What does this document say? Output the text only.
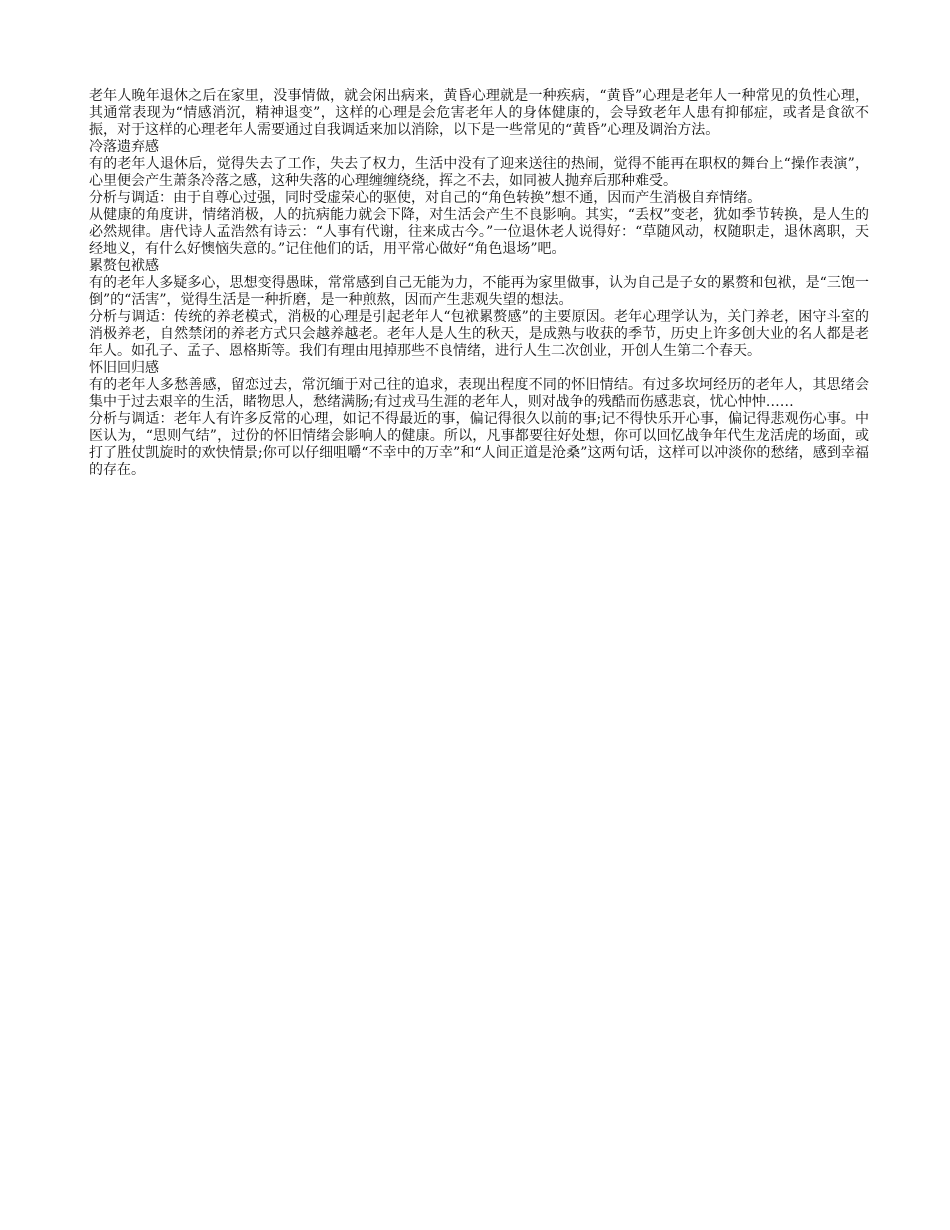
老年人晚年退休之后在家里，没事情做，就会闲出病来，黄昏心理就是一种疾病，“黄昏”心理是老年人一种常见的负性心理，其通常表现为“情感消沉，精神退变”，这样的心理是会危害老年人的身体健康的，会导致老年人患有抑郁症，或者是食欲不振，对于这样的心理老年人需要通过自我调适来加以消除，以下是一些常见的“黄昏”心理及调治方法。

冷落遗弃感

有的老年人退休后，觉得失去了工作，失去了权力，生活中没有了迎来送往的热闹，觉得不能再在职权的舞台上“操作表演”，心里便会产生萧条冷落之感，这种失落的心理缠缠绕绕，挥之不去，如同被人抛弃后那种难受。

分析与调适：由于自尊心过强，同时受虚荣心的驱使，对自己的“角色转换”想不通，因而产生消极自弃情绪。

从健康的角度讲，情绪消极，人的抗病能力就会下降，对生活会产生不良影响。其实，“丢权”变老，犹如季节转换，是人生的必然规律。唐代诗人孟浩然有诗云：“人事有代谢，往来成古今。”一位退休老人说得好：“草随风动，权随职走，退休离职，天经地义，有什么好懊恼失意的。”记住他们的话，用平常心做好“角色退场”吧。

累赘包袱感

有的老年人多疑多心，思想变得愚昧，常常感到自己无能为力，不能再为家里做事，认为自己是子女的累赘和包袱，是“三饱一倒”的“活害”，觉得生活是一种折磨，是一种煎熬，因而产生悲观失望的想法。

分析与调适：传统的养老模式，消极的心理是引起老年人“包袱累赘感”的主要原因。老年心理学认为，关门养老，困守斗室的消极养老，自然禁闭的养老方式只会越养越老。老年人是人生的秋天，是成熟与收获的季节，历史上许多创大业的名人都是老年人。如孔子、孟子、恩格斯等。我们有理由甩掉那些不良情绪，进行人生二次创业，开创人生第二个春天。

怀旧回归感

有的老年人多愁善感，留恋过去，常沉缅于对己往的追求，表现出程度不同的怀旧情结。有过多坎坷经历的老年人，其思绪会集中于过去艰辛的生活，睹物思人，愁绪满肠;有过戎马生涯的老年人，则对战争的残酷而伤感悲哀，忧心忡忡……

分析与调适：老年人有许多反常的心理，如记不得最近的事，偏记得很久以前的事;记不得快乐开心事，偏记得悲观伤心事。中医认为，“思则气结”，过份的怀旧情绪会影响人的健康。所以，凡事都要往好处想，你可以回忆战争年代生龙活虎的场面，或打了胜仗凯旋时的欢快情景;你可以仔细咀嚼“不幸中的万幸”和“人间正道是沧桑”这两句话，这样可以冲淡你的愁绪，感到幸福的存在。
